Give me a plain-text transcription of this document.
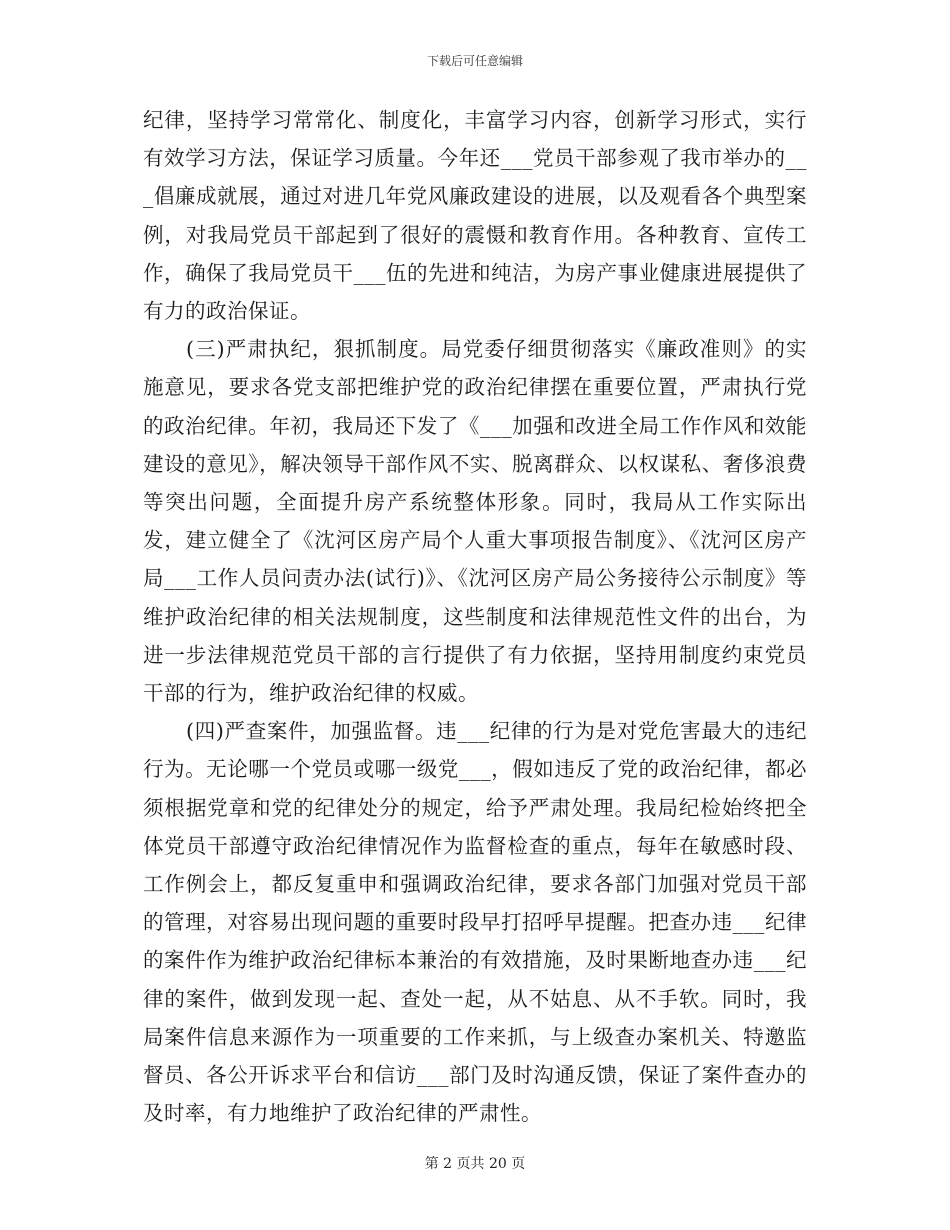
下载后可任意编辑

纪律，坚持学习常常化、制度化，丰富学习内容，创新学习形式，实行有效学习方法，保证学习质量。今年还___党员干部参观了我市举办的___倡廉成就展，通过对进几年党风廉政建设的进展，以及观看各个典型案例，对我局党员干部起到了很好的震慑和教育作用。各种教育、宣传工作，确保了我局党员干___伍的先进和纯洁，为房产事业健康进展提供了有力的政治保证。

(三)严肃执纪，狠抓制度。局党委仔细贯彻落实《廉政准则》的实施意见，要求各党支部把维护党的政治纪律摆在重要位置，严肃执行党的政治纪律。年初，我局还下发了《___加强和改进全局工作作风和效能建设的意见》，解决领导干部作风不实、脱离群众、以权谋私、奢侈浪费等突出问题，全面提升房产系统整体形象。同时，我局从工作实际出发，建立健全了《沈河区房产局个人重大事项报告制度》、《沈河区房产局___工作人员问责办法(试行)》、《沈河区房产局公务接待公示制度》等维护政治纪律的相关法规制度，这些制度和法律规范性文件的出台，为进一步法律规范党员干部的言行提供了有力依据，坚持用制度约束党员干部的行为，维护政治纪律的权威。

(四)严查案件，加强监督。违___纪律的行为是对党危害最大的违纪行为。无论哪一个党员或哪一级党___，假如违反了党的政治纪律，都必须根据党章和党的纪律处分的规定，给予严肃处理。我局纪检始终把全体党员干部遵守政治纪律情况作为监督检查的重点，每年在敏感时段、工作例会上，都反复重申和强调政治纪律，要求各部门加强对党员干部的管理，对容易出现问题的重要时段早打招呼早提醒。把查办违___纪律的案件作为维护政治纪律标本兼治的有效措施，及时果断地查办违___纪律的案件，做到发现一起、查处一起，从不姑息、从不手软。同时，我局案件信息来源作为一项重要的工作来抓，与上级查办案机关、特邀监督员、各公开诉求平台和信访___部门及时沟通反馈，保证了案件查办的及时率，有力地维护了政治纪律的严肃性。

第 2 页共 20 页
